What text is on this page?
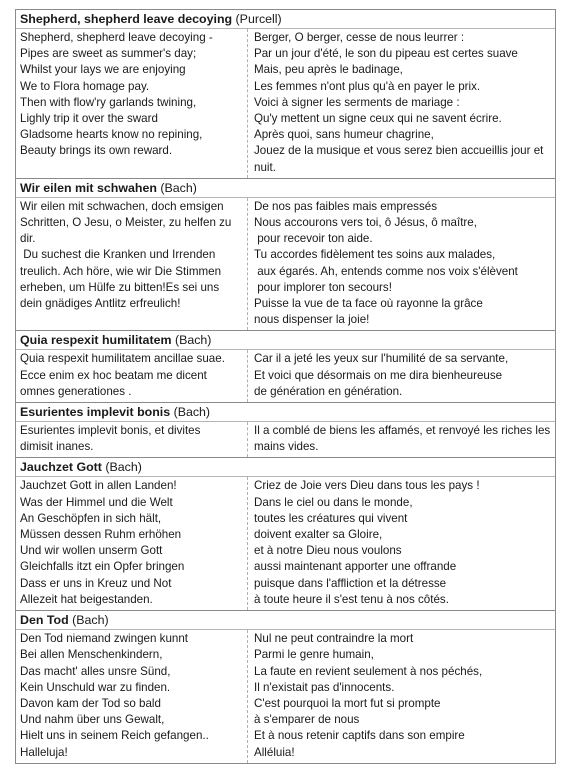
Shepherd, shepherd leave decoying (Purcell)
Shepherd, shepherd leave decoying -
Pipes are sweet as summer's day;
Whilst your lays we are enjoying
We to Flora homage pay.
Then with flow'ry garlands twining,
Lighly trip it over the sward
Gladsome hearts know no repining,
Beauty brings its own reward.
Berger, O berger, cesse de nous leurrer :
Par un jour d'été, le son du pipeau est certes suave
Mais, peu après le badinage,
Les femmes n'ont plus qu'à en payer le prix.
Voici à signer les serments de mariage :
Qu'y mettent un signe ceux qui ne savent écrire.
Après quoi, sans humeur chagrine,
Jouez de la musique et vous serez bien accueillis jour et nuit.
Wir eilen mit schwahen (Bach)
Wir eilen mit schwachen, doch emsigen
Schritten, O Jesu, o Meister, zu helfen zu
dir.
Du suchest die Kranken und Irrenden
treulich. Ach höre, wie wir Die Stimmen
erheben, um Hülfe zu bitten!Es sei uns
dein gnädiges Antlitz erfreulich!
De nos pas faibles mais empressés
Nous accourons vers toi, ô Jésus, ô maître,
pour recevoir ton aide.
Tu accordes fidèlement tes soins aux malades,
aux égarés. Ah, entends comme nos voix s'élèvent
pour implorer ton secours!
Puisse la vue de ta face où rayonne la grâce
nous dispenser la joie!
Quia respexit humilitatem (Bach)
Quia respexit humilitatem ancillae suae.
Ecce enim ex hoc beatam me dicent
omnes generationes .
Car il a jeté les yeux sur l'humilité de sa servante,
Et voici que désormais on me dira bienheureuse
de génération en génération.
Esurientes implevit bonis (Bach)
Esurientes implevit bonis, et divites
dimisit inanes.
Il a comblé de biens les affamés, et renvoyé les riches les mains vides.
Jauchzet Gott (Bach)
Jauchzet Gott in allen Landen!
Was der Himmel und die Welt
An Geschöpfen in sich hält,
Müssen dessen Ruhm erhöhen
Und wir wollen unserm Gott
Gleichfalls itzt ein Opfer bringen
Dass er uns in Kreuz und Not
Allezeit hat beigestanden.
Criez de Joie vers Dieu dans tous les pays !
Dans le ciel ou dans le monde,
toutes les créatures qui vivent
doivent exalter sa Gloire,
et à notre Dieu nous voulons
aussi maintenant apporter une offrande
puisque dans l'affliction et la détresse
à toute heure il s'est tenu à nos côtés.
Den Tod (Bach)
Den Tod niemand zwingen kunnt
Bei allen Menschenkindern,
Das macht' alles unsre Sünd,
Kein Unschuld war zu finden.
Davon kam der Tod so bald
Und nahm über uns Gewalt,
Hielt uns in seinem Reich gefangen..
Halleluja!
Nul ne peut contraindre la mort
Parmi le genre humain,
La faute en revient seulement à nos péchés,
Il n'existait pas d'innocents.
C'est pourquoi la mort fut si prompte
à s'emparer de nous
Et à nous retenir captifs dans son empire
Alléluia!
